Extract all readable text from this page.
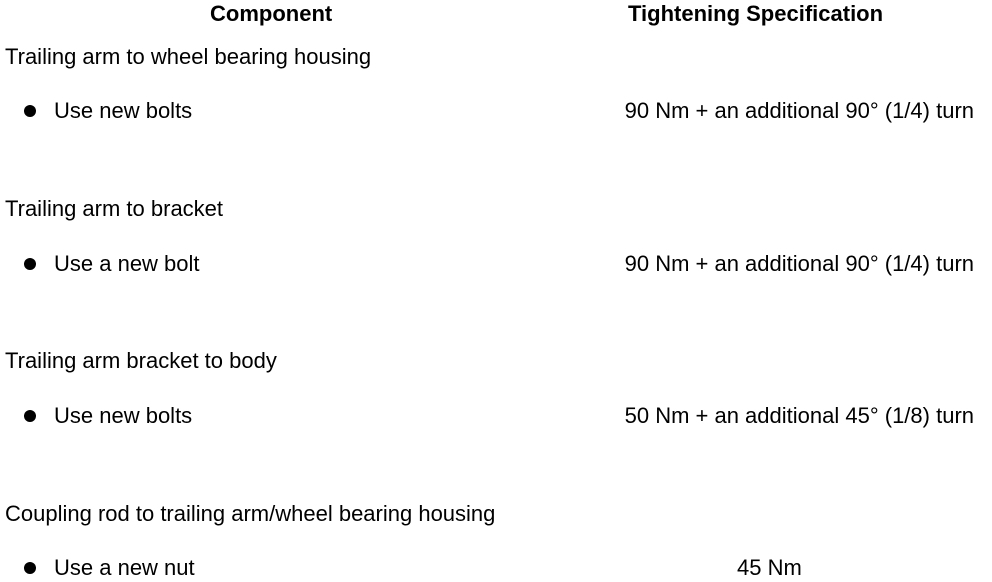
Component	Tightening Specification
Trailing arm to wheel bearing housing
Use new bolts	90 Nm + an additional 90° (1/4) turn
Trailing arm to bracket
Use a new bolt	90 Nm + an additional 90° (1/4) turn
Trailing arm bracket to body
Use new bolts	50 Nm + an additional 45° (1/8) turn
Coupling rod to trailing arm/wheel bearing housing
Use a new nut	45 Nm
